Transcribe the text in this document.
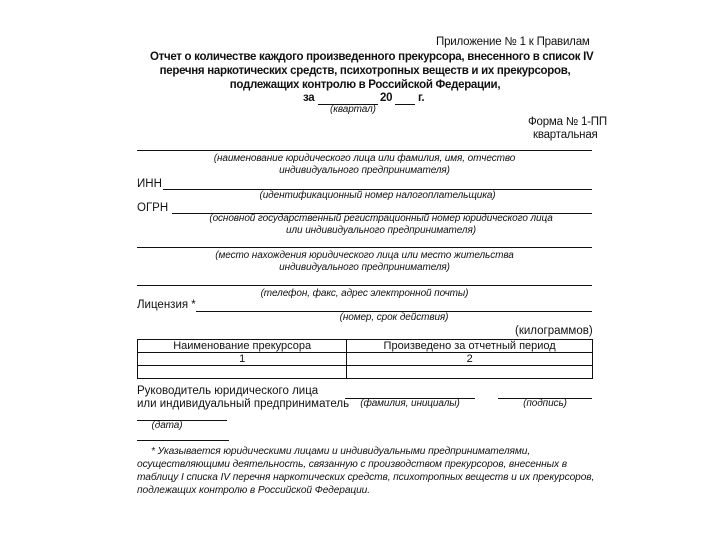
Приложение № 1 к Правилам
Отчет о количестве каждого произведенного прекурсора, внесенного в список IV
перечня наркотических средств, психотропных веществ и их прекурсоров,
подлежащих контролю в Российской Федерации,
за	20 г.
(квартал)
Форма № 1-ПП
квартальная
(наименование юридического лица или фамилия, имя, отчество
индивидуального предпринимателя)
ИНН
(идентификационный номер налогоплательщика)
ОГРН
(основной государственный регистрационный номер юридического лица
или индивидуального предпринимателя)
(место нахождения юридического лица или место жительства
индивидуального предпринимателя)
(телефон, факс, адрес электронной почты)
Лицензия *
(номер, срок действия)
(килограммов)
Наименование прекурсора	Произведено за отчетный период
1	2

Руководитель юридического лица
или индивидуальный предприниматель	(фамилия, инициалы)	(подпись)
(дата)
* Указывается юридическими лицами и индивидуальными предпринимателями, осуществляющими деятельность, связанную с производством прекурсоров, внесенных в таблицу I списка IV перечня наркотических средств, психотропных веществ и их прекурсоров, подлежащих контролю в Российской Федерации.
